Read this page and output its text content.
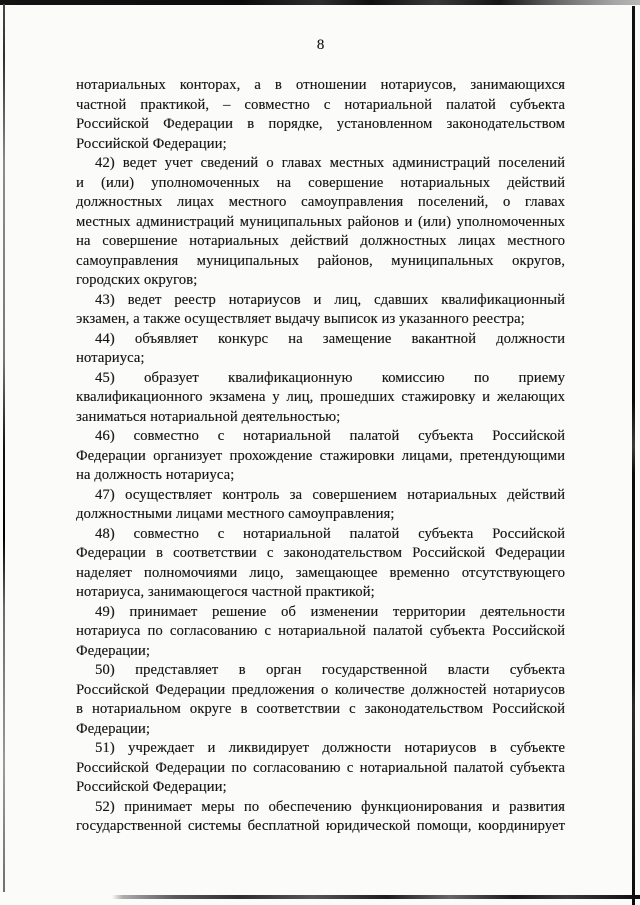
8
нотариальных конторах, а в отношении нотариусов, занимающихся
частной практикой, – совместно с нотариальной палатой субъекта
Российской Федерации в порядке, установленном законодательством
Российской Федерации;
42) ведет учет сведений о главах местных администраций поселений
и (или) уполномоченных на совершение нотариальных действий
должностных лицах местного самоуправления поселений, о главах
местных администраций муниципальных районов и (или) уполномоченных
на совершение нотариальных действий должностных лицах местного
самоуправления муниципальных районов, муниципальных округов,
городских округов;
43) ведет реестр нотариусов и лиц, сдавших квалификационный
экзамен, а также осуществляет выдачу выписок из указанного реестра;
44) объявляет конкурс на замещение вакантной должности
нотариуса;
45) образует квалификационную комиссию по приему
квалификационного экзамена у лиц, прошедших стажировку и желающих
заниматься нотариальной деятельностью;
46) совместно с нотариальной палатой субъекта Российской
Федерации организует прохождение стажировки лицами, претендующими
на должность нотариуса;
47) осуществляет контроль за совершением нотариальных действий
должностными лицами местного самоуправления;
48) совместно с нотариальной палатой субъекта Российской
Федерации в соответствии с законодательством Российской Федерации
наделяет полномочиями лицо, замещающее временно отсутствующего
нотариуса, занимающегося частной практикой;
49) принимает решение об изменении территории деятельности
нотариуса по согласованию с нотариальной палатой субъекта Российской
Федерации;
50) представляет в орган государственной власти субъекта
Российской Федерации предложения о количестве должностей нотариусов
в нотариальном округе в соответствии с законодательством Российской
Федерации;
51) учреждает и ликвидирует должности нотариусов в субъекте
Российской Федерации по согласованию с нотариальной палатой субъекта
Российской Федерации;
52) принимает меры по обеспечению функционирования и развития
государственной системы бесплатной юридической помощи, координирует
